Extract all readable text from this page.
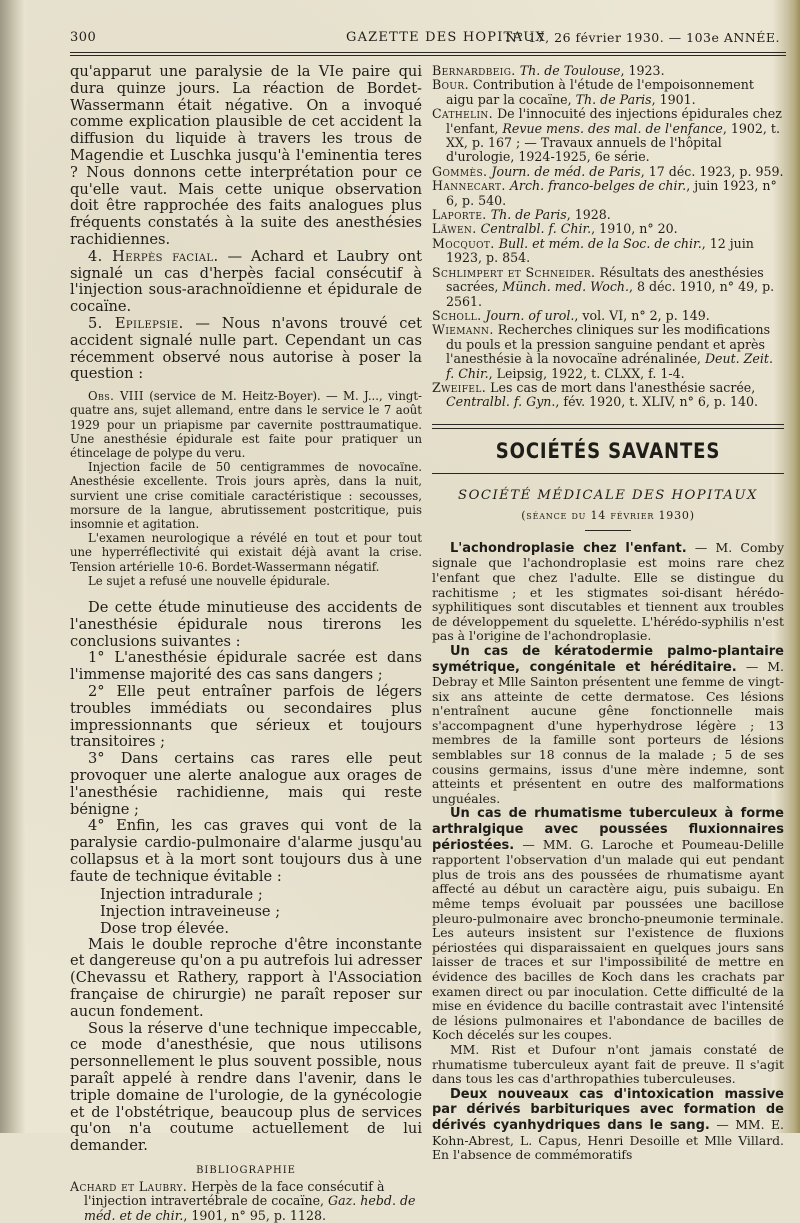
300	GAZETTE DES HOPITAUX
N° 17, 26 février 1930. — 103e ANNÉE.

qu'apparut une paralysie de la VIe paire qui dura quinze jours. La réaction de Bordet-Wassermann était négative. On a invoqué comme explication plausible de cet accident la diffusion du liquide à travers les trous de Magendie et Luschka jusqu'à l'eminentia teres ? Nous donnons cette interprétation pour ce qu'elle vaut. Mais cette unique observation doit être rapprochée des faits analogues plus fréquents constatés à la suite des anesthésies rachidiennes.

4. Herpès facial. — Achard et Laubry ont signalé un cas d'herpès facial consécutif à l'injection sous-arachnoïdienne et épidurale de cocaïne.

5. Epilepsie. — Nous n'avons trouvé cet accident signalé nulle part. Cependant un cas récemment observé nous autorise à poser la question :

Obs. VIII (service de M. Heitz-Boyer). — M. J..., vingt-quatre ans, sujet allemand, entre dans le service le 7 août 1929 pour un priapisme par cavernite posttraumatique. Une anesthésie épidurale est faite pour pratiquer un étincelage de polype du veru.

Injection facile de 50 centigrammes de novocaïne. Anesthésie excellente. Trois jours après, dans la nuit, survient une crise comitiale caractéristique : secousses, morsure de la langue, abrutissement postcritique, puis insomnie et agitation.

L'examen neurologique a révélé en tout et pour tout une hyperréflectivité qui existait déjà avant la crise. Tension artérielle 10-6. Bordet-Wassermann négatif.

Le sujet a refusé une nouvelle épidurale.

De cette étude minutieuse des accidents de l'anesthésie épidurale nous tirerons les conclusions suivantes :

1° L'anesthésie épidurale sacrée est dans l'immense majorité des cas sans dangers ;

2° Elle peut entraîner parfois de légers troubles immédiats ou secondaires plus impressionnants que sérieux et toujours transitoires ;

3° Dans certains cas rares elle peut provoquer une alerte analogue aux orages de l'anesthésie rachidienne, mais qui reste bénigne ;

4° Enfin, les cas graves qui vont de la paralysie cardio-pulmonaire d'alarme jusqu'au collapsus et à la mort sont toujours dus à une faute de technique évitable :

Injection intradurale ;
Injection intraveineuse ;
Dose trop élevée.

Mais le double reproche d'être inconstante et dangereuse qu'on a pu autrefois lui adresser (Chevassu et Rathery, rapport à l'Association française de chirurgie) ne paraît reposer sur aucun fondement.

Sous la réserve d'une technique impeccable, ce mode d'anesthésie, que nous utilisons personnellement le plus souvent possible, nous paraît appelé à rendre dans l'avenir, dans le triple domaine de l'urologie, de la gynécologie et de l'obstétrique, beaucoup plus de services qu'on n'a coutume actuellement de lui demander.

BIBLIOGRAPHIE

Achard et Laubry. Herpès de la face consécutif à l'injection intravertébrale de cocaïne, Gaz. hebd. de méd. et de chir., 1901, n° 95, p. 1128.

Bernardbeig. Th. de Toulouse, 1923.

Bour. Contribution à l'étude de l'empoisonnement aigu par la cocaïne, Th. de Paris, 1901.

Cathelin. De l'innocuité des injections épidurales chez l'enfant, Revue mens. des mal. de l'enfance, 1902, t. XX, p. 167 ; — Travaux annuels de l'hôpital d'urologie, 1924-1925, 6e série.

Gommès. Journ. de méd. de Paris, 17 déc. 1923, p. 959.

Hannecart. Arch. franco-belges de chir., juin 1923, n° 6, p. 540.

Laporte. Th. de Paris, 1928.

Läwen. Centralbl. f. Chir., 1910, n° 20.

Mocquot. Bull. et mém. de la Soc. de chir., 12 juin 1923, p. 854.

Schlimpert et Schneider. Résultats des anesthésies sacrées, Münch. med. Woch., 8 déc. 1910, n° 49, p. 2561.

Scholl. Journ. of urol., vol. VI, n° 2, p. 149.

Wiemann. Recherches cliniques sur les modifications du pouls et la pression sanguine pendant et après l'anesthésie à la novocaïne adrénalinée, Deut. Zeit. f. Chir., Leipsig, 1922, t. CLXX, f. 1-4.

Zweifel. Les cas de mort dans l'anesthésie sacrée, Centralbl. f. Gyn., fév. 1920, t. XLIV, n° 6, p. 140.

SOCIÉTÉS SAVANTES
SOCIÉTÉ MÉDICALE DES HOPITAUX
(séance du 14 février 1930)

L'achondroplasie chez l'enfant. — M. Comby signale que l'achondroplasie est moins rare chez l'enfant que chez l'adulte. Elle se distingue du rachitisme ; et les stigmates soi-disant hérédo-syphilitiques sont discutables et tiennent aux troubles de développement du squelette. L'hérédo-syphilis n'est pas à l'origine de l'achondroplasie.

Un cas de kératodermie palmo-plantaire symétrique, congénitale et héréditaire. — M. Debray et Mlle Sainton présentent une femme de vingt-six ans atteinte de cette dermatose. Ces lésions n'entraînent aucune gêne fonctionnelle mais s'accompagnent d'une hyperhydrose légère ; 13 membres de la famille sont porteurs de lésions semblables sur 18 connus de la malade ; 5 de ses cousins germains, issus d'une mère indemne, sont atteints et présentent en outre des malformations unguéales.

Un cas de rhumatisme tuberculeux à forme arthralgique avec poussées fluxionnaires périostées. — MM. G. Laroche et Poumeau-Delille rapportent l'observation d'un malade qui eut pendant plus de trois ans des poussées de rhumatisme ayant affecté au début un caractère aigu, puis subaigu. En même temps évoluait par poussées une bacillose pleuro-pulmonaire avec broncho-pneumonie terminale. Les auteurs insistent sur l'existence de fluxions périostées qui disparaissaient en quelques jours sans laisser de traces et sur l'impossibilité de mettre en évidence des bacilles de Koch dans les crachats par examen direct ou par inoculation. Cette difficulté de la mise en évidence du bacille contrastait avec l'intensité de lésions pulmonaires et l'abondance de bacilles de Koch décelés sur les coupes.

MM. Rist et Dufour n'ont jamais constaté de rhumatisme tuberculeux ayant fait de preuve. Il s'agit dans tous les cas d'arthropathies tuberculeuses.

Deux nouveaux cas d'intoxication massive par dérivés barbituriques avec formation de dérivés cyanhydriques dans le sang. — MM. E. Kohn-Abrest, L. Capus, Henri Desoille et Mlle Villard. En l'absence de commémoratifs
